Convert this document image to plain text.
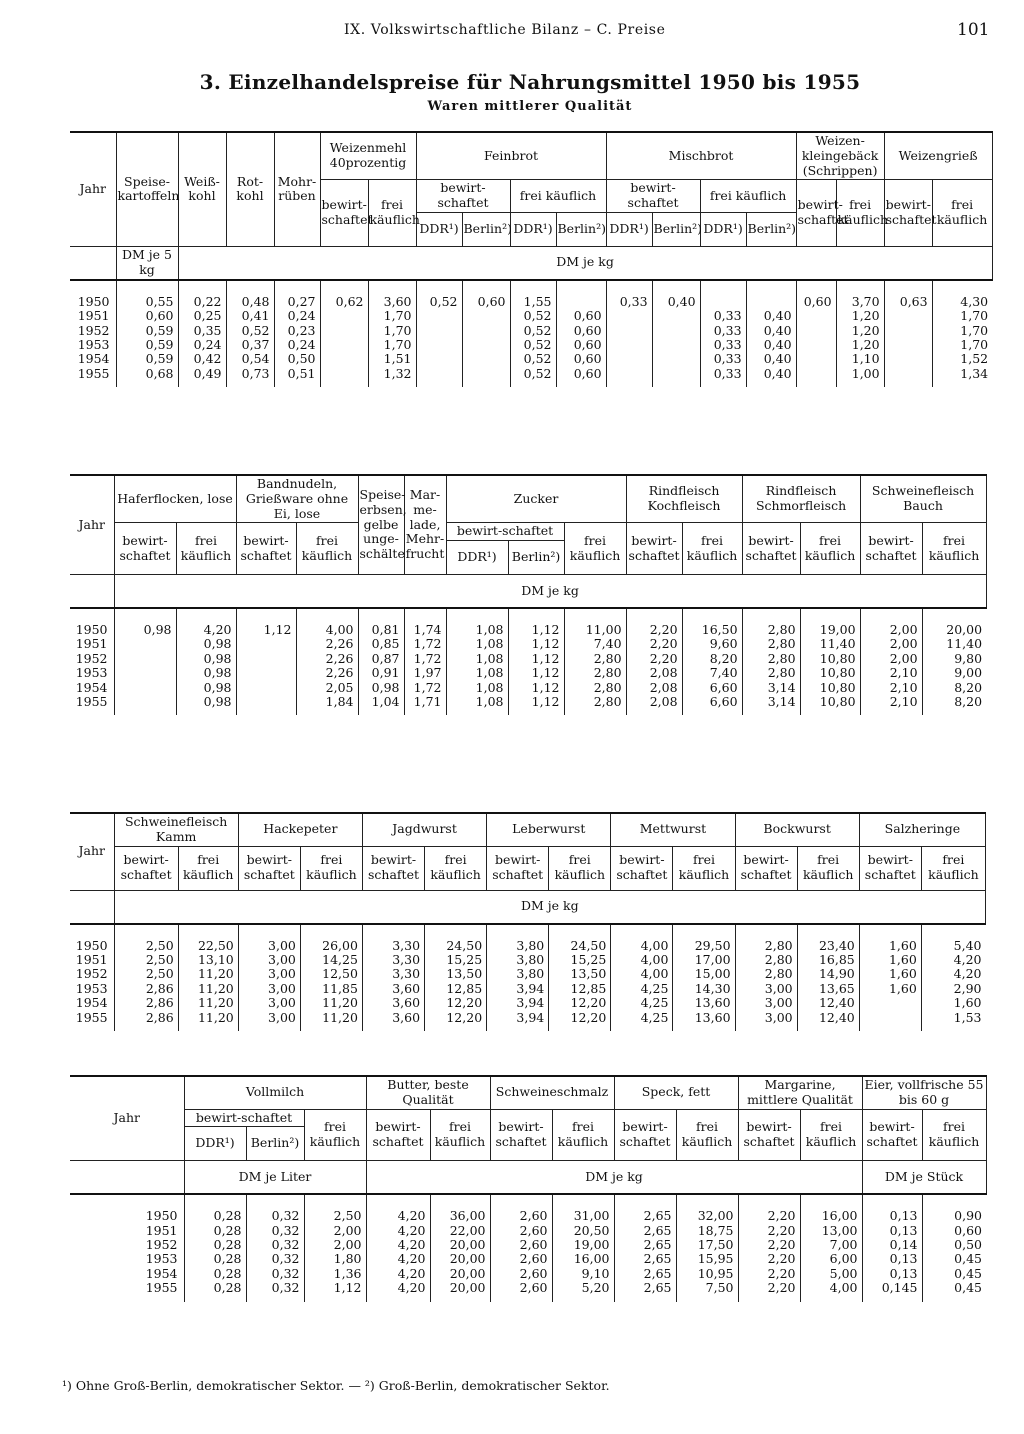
IX. Volkswirtschaftliche Bilanz – C. Preise	101
3. Einzelhandelspreise für Nahrungsmittel 1950 bis 1955
Waren mittlerer Qualität
Jahr	Speise-kartoffeln	Weiß-kohl	Rot-kohl	Mohr-rüben	Weizenmehl 40prozentig		Feinbrot				Mischbrot				Weizen-kleingebäck (Schrippen)		Weizengrieß	
					bewirt-schaftet	frei käuflich	bewirt-schaftet		frei käuflich		bewirt-schaftet		frei käuflich		bewirt-schaftet	frei käuflich	bewirt-schaftet	frei käuflich
							DDR¹)	Berlin²)	DDR¹)	Berlin²)	DDR¹)	Berlin²)	DDR¹)	Berlin²)				
	DM je 5 kg	DM je kg																
1950	0,55	0,22	0,48	0,27	0,62	3,60	0,52	0,60	1,55		0,33	0,40			0,60	3,70	0,63	4,30
1951	0,60	0,25	0,41	0,24		1,70			0,52	0,60			0,33	0,40		1,20		1,70
1952	0,59	0,35	0,52	0,23		1,70			0,52	0,60			0,33	0,40		1,20		1,70
1953	0,59	0,24	0,37	0,24		1,70			0,52	0,60			0,33	0,40		1,20		1,70
1954	0,59	0,42	0,54	0,50		1,51			0,52	0,60			0,33	0,40		1,10		1,52
1955	0,68	0,49	0,73	0,51		1,32			0,52	0,60			0,33	0,40		1,00		1,34
Jahr	Haferflocken, lose		Bandnudeln, Grießware ohne Ei, lose		Speise-erbsen, gelbe unge-schälte	Mar-me-lade, Mehr-frucht	Zucker			Rindfleisch Kochfleisch		Rindfleisch Schmorfleisch		Schweinefleisch Bauch	
	bewirt-schaftet	frei käuflich	bewirt-schaftet	frei käuflich			bewirt-schaftet		frei käuflich	bewirt-schaftet	frei käuflich	bewirt-schaftet	frei käuflich	bewirt-schaftet	frei käuflich
							DDR¹)	Berlin²)							
	DM je kg														
1950	0,98	4,20	1,12	4,00	0,81	1,74	1,08	1,12	11,00	2,20	16,50	2,80	19,00	2,00	20,00
1951		0,98		2,26	0,85	1,72	1,08	1,12	7,40	2,20	9,60	2,80	11,40	2,00	11,40
1952		0,98		2,26	0,87	1,72	1,08	1,12	2,80	2,20	8,20	2,80	10,80	2,00	9,80
1953		0,98		2,26	0,91	1,97	1,08	1,12	2,80	2,08	7,40	2,80	10,80	2,10	9,00
1954		0,98		2,05	0,98	1,72	1,08	1,12	2,80	2,08	6,60	3,14	10,80	2,10	8,20
1955		0,98		1,84	1,04	1,71	1,08	1,12	2,80	2,08	6,60	3,14	10,80	2,10	8,20
Jahr	Schweinefleisch Kamm		Hackepeter		Jagdwurst		Leberwurst		Mettwurst		Bockwurst		Salzheringe	
	bewirt-schaftet	frei käuflich	bewirt-schaftet	frei käuflich	bewirt-schaftet	frei käuflich	bewirt-schaftet	frei käuflich	bewirt-schaftet	frei käuflich	bewirt-schaftet	frei käuflich	bewirt-schaftet	frei käuflich
	DM je kg													
1950	2,50	22,50	3,00	26,00	3,30	24,50	3,80	24,50	4,00	29,50	2,80	23,40	1,60	5,40
1951	2,50	13,10	3,00	14,25	3,30	15,25	3,80	15,25	4,00	17,00	2,80	16,85	1,60	4,20
1952	2,50	11,20	3,00	12,50	3,30	13,50	3,80	13,50	4,00	15,00	2,80	14,90	1,60	4,20
1953	2,86	11,20	3,00	11,85	3,60	12,85	3,94	12,85	4,25	14,30	3,00	13,65	1,60	2,90
1954	2,86	11,20	3,00	11,20	3,60	12,20	3,94	12,20	4,25	13,60	3,00	12,40		1,60
1955	2,86	11,20	3,00	11,20	3,60	12,20	3,94	12,20	4,25	13,60	3,00	12,40		1,53
Jahr	Vollmilch			Butter, beste Qualität		Schweineschmalz		Speck, fett		Margarine, mittlere Qualität		Eier, vollfrische 55 bis 60 g	
	bewirt-schaftet		frei käuflich	bewirt-schaftet	frei käuflich	bewirt-schaftet	frei käuflich	bewirt-schaftet	frei käuflich	bewirt-schaftet	frei käuflich	bewirt-schaftet	frei käuflich
	DDR¹)	Berlin²)											
	DM je Liter			DM je kg								DM je Stück	
1950	0,28	0,32	2,50	4,20	36,00	2,60	31,00	2,65	32,00	2,20	16,00	0,13	0,90
1951	0,28	0,32	2,00	4,20	22,00	2,60	20,50	2,65	18,75	2,20	13,00	0,13	0,60
1952	0,28	0,32	2,00	4,20	20,00	2,60	19,00	2,65	17,50	2,20	7,00	0,14	0,50
1953	0,28	0,32	1,80	4,20	20,00	2,60	16,00	2,65	15,95	2,20	6,00	0,13	0,45
1954	0,28	0,32	1,36	4,20	20,00	2,60	9,10	2,65	10,95	2,20	5,00	0,13	0,45
1955	0,28	0,32	1,12	4,20	20,00	2,60	5,20	2,65	7,50	2,20	4,00	0,145	0,45
¹) Ohne Groß-Berlin, demokratischer Sektor. — ²) Groß-Berlin, demokratischer Sektor.
